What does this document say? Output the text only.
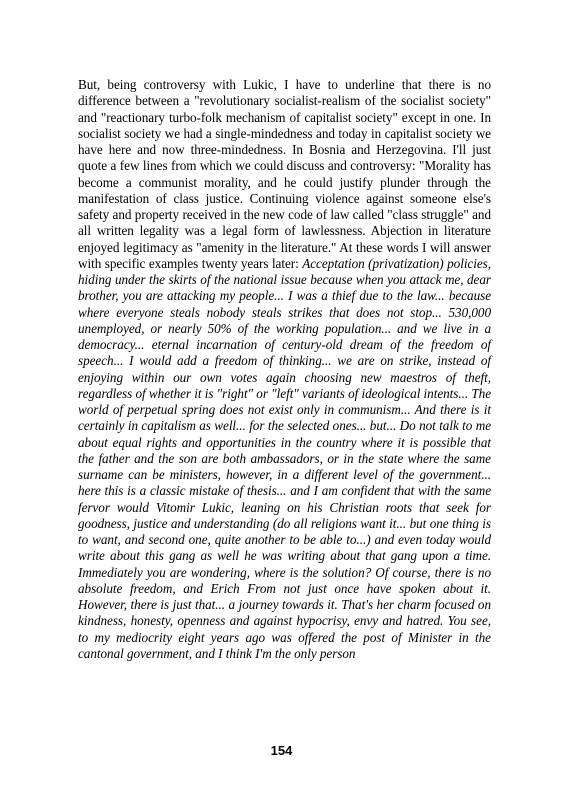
But, being controversy with Lukic, I have to underline that there is no difference between a "revolutionary socialist-realism of the socialist society" and "reactionary turbo-folk mechanism of capitalist society" except in one. In socialist society we had a single-mindedness and today in capitalist society we have here and now three-mindedness. In Bosnia and Herzegovina. I'll just quote a few lines from which we could discuss and controversy: "Morality has become a communist morality, and he could justify plunder through the manifestation of class justice. Continuing violence against someone else's safety and property received in the new code of law called "class struggle" and all written legality was a legal form of lawlessness. Abjection in literature enjoyed legitimacy as "amenity in the literature." At these words I will answer with specific examples twenty years later: Acceptation (privatization) policies, hiding under the skirts of the national issue because when you attack me, dear brother, you are attacking my people... I was a thief due to the law... because where everyone steals nobody steals strikes that does not stop... 530,000 unemployed, or nearly 50% of the working population... and we live in a democracy... eternal incarnation of century-old dream of the freedom of speech... I would add a freedom of thinking... we are on strike, instead of enjoying within our own votes again choosing new maestros of theft, regardless of whether it is "right" or "left" variants of ideological intents... The world of perpetual spring does not exist only in communism... And there is it certainly in capitalism as well... for the selected ones... but... Do not talk to me about equal rights and opportunities in the country where it is possible that the father and the son are both ambassadors, or in the state where the same surname can be ministers, however, in a different level of the government... here this is a classic mistake of thesis... and I am confident that with the same fervor would Vitomir Lukic, leaning on his Christian roots that seek for goodness, justice and understanding (do all religions want it... but one thing is to want, and second one, quite another to be able to...) and even today would write about this gang as well he was writing about that gang upon a time. Immediately you are wondering, where is the solution? Of course, there is no absolute freedom, and Erich From not just once have spoken about it. However, there is just that... a journey towards it. That's her charm focused on kindness, honesty, openness and against hypocrisy, envy and hatred. You see, to my mediocrity eight years ago was offered the post of Minister in the cantonal government, and I think I'm the only person

154
